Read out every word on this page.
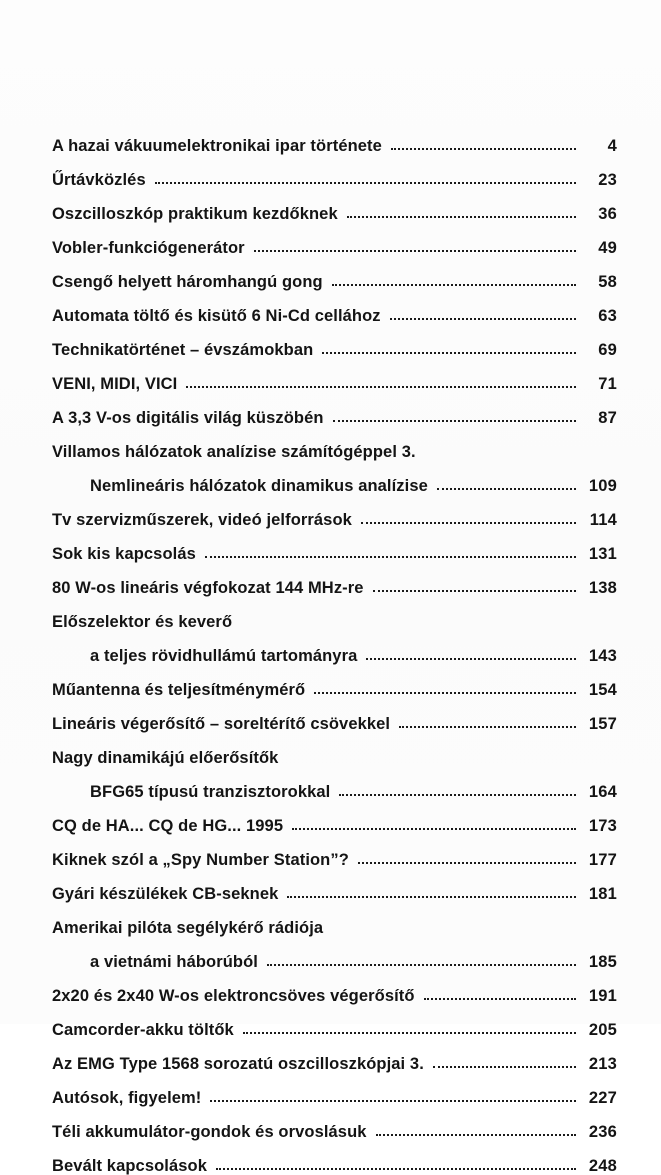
A hazai vákuumelektronikai ipar története	4
Űrtávközlés	23
Oszcilloszkóp praktikum kezdőknek	36
Vobler-funkciógenerátor	49
Csengő helyett háromhangú gong	58
Automata töltő és kisütő 6 Ni-Cd cellához	63
Technikatörténet – évszámokban	69
VENI, MIDI, VICI	71
A 3,3 V-os digitális világ küszöbén	87
Villamos hálózatok analízise számítógéppel 3.
Nemlineáris hálózatok dinamikus analízise	109
Tv szervizműszerek, videó jelforrások	114
Sok kis kapcsolás	131
80 W-os lineáris végfokozat 144 MHz-re	138
Előszelektor és keverő
a teljes rövidhullámú tartományra	143
Műantenna és teljesítménymérő	154
Lineáris végerősítő – soreltérítő csövekkel	157
Nagy dinamikájú előerősítők
BFG65 típusú tranzisztorokkal	164
CQ de HA... CQ de HG... 1995	173
Kiknek szól a „Spy Number Station”?	177
Gyári készülékek CB-seknek	181
Amerikai pilóta segélykérő rádiója
a vietnámi háborúból	185
2x20 és 2x40 W-os elektroncsöves végerősítő	191
Camcorder-akku töltők	205
Az EMG Type 1568 sorozatú oszcilloszkópjai 3.	213
Autósok, figyelem!	227
Téli akkumulátor-gondok és orvoslásuk	236
Bevált kapcsolások	248
